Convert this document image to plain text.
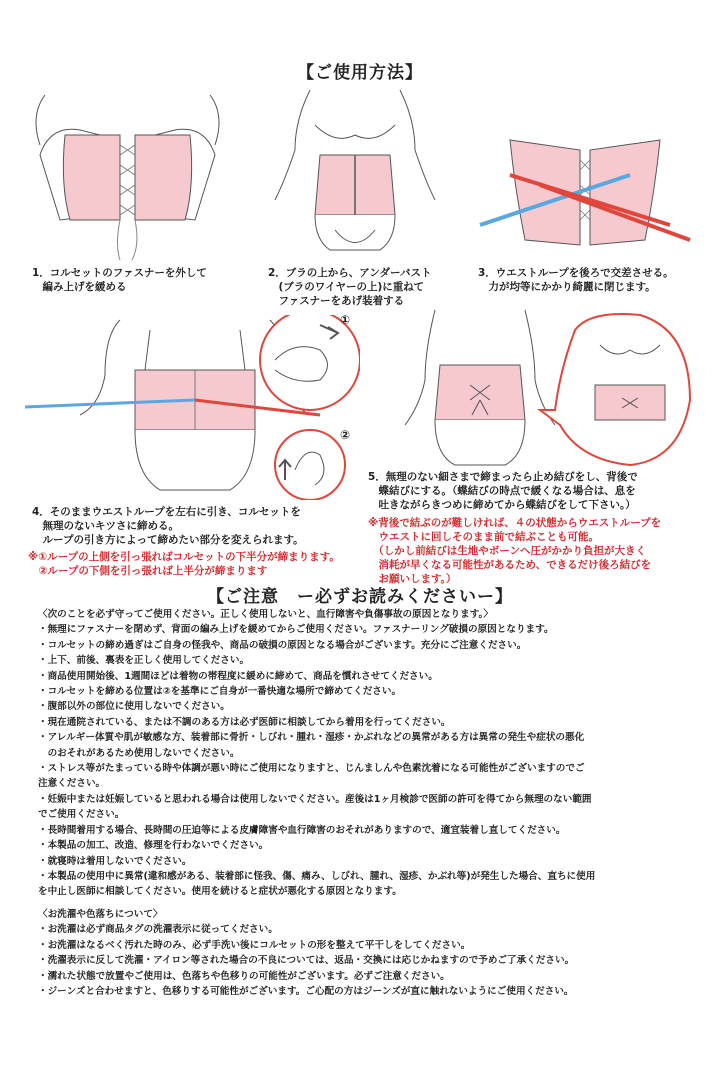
【ご使用方法】
1．コルセットのファスナーを外して
　編み上げを緩める
2．ブラの上から、アンダーバスト
　(ブラのワイヤーの上)に重ねて
　ファスナーをあげ装着する
3．ウエストループを後ろで交差させる。
　力が均等にかかり綺麗に閉じます。
①
②
4．そのままウエストループを左右に引き、コルセットを
　無理のないキツさに締める。
　ループの引き方によって締めたい部分を変えられます。
※①ループの上側を引っ張ればコルセットの下半分が締まります。
　②ループの下側を引っ張れば上半分が締まります
5．無理のない細さまで締まったら止め結びをし、背後で
　蝶結びにする。（蝶結びの時点で緩くなる場合は、息を
　吐きながらきつめに締めてから蝶結びをして下さい。）
※背後で結ぶのが難しければ、４の状態からウエストループを
　ウエストに回しそのまま前で結ぶことも可能。
　（しかし前結びは生地やボーンへ圧がかかり負担が大きく
　消耗が早くなる可能性があるため、できるだけ後ろ結びを
　お願いします。）
【ご注意　ー必ずお読みくださいー】

〈次のことを必ず守ってご使用ください。正しく使用しないと、血行障害や負傷事故の原因となります。〉

・無理にファスナーを閉めず、背面の編み上げを緩めてからご使用ください。ファスナーリング破損の原因となります。

・コルセットの締め過ぎはご自身の怪我や、商品の破損の原因となる場合がございます。充分にご注意ください。

・上下、前後、裏表を正しく使用してください。

・商品使用開始後、1週間ほどは着物の帯程度に緩めに締めて、商品を慣れさせてください。

・コルセットを締める位置は②を基準にご自身が一番快適な場所で締めてください。

・腹部以外の部位に使用しないでください。

・現在通院されている、または不調のある方は必ず医師に相談してから着用を行ってください。

・アレルギー体質や肌が敏感な方、装着部に骨折・しびれ・腫れ・湿疹・かぶれなどの異常がある方は異常の発生や症状の悪化

　のおそれがあるため使用しないでください。

・ストレス等がたまっている時や体調が悪い時にご使用になりますと、じんましんや色素沈着になる可能性がございますのでご

注意ください。

・妊娠中または妊娠していると思われる場合は使用しないでください。産後は1ヶ月検診で医師の許可を得てから無理のない範囲

でご使用ください。

・長時間着用する場合、長時間の圧迫等による皮膚障害や血行障害のおそれがありますので、適宜装着し直してください。

・本製品の加工、改造、修理を行わないでください。

・就寝時は着用しないでください。

・本製品の使用中に異常(違和感がある、装着部に怪我、傷、痛み、しびれ、腫れ、湿疹、かぶれ等)が発生した場合、直ちに使用

を中止し医師に相談してください。使用を続けると症状が悪化する原因となります。

〈お洗濯や色落ちについて〉

・お洗濯は必ず商品タグの洗濯表示に従ってください。

・お洗濯はなるべく汚れた時のみ、必ず手洗い後にコルセットの形を整えて平干しをしてください。

・洗濯表示に反して洗濯・アイロン等された場合の不良については、返品・交換には応じかねますので予めご了承ください。

・濡れた状態で放置やご使用は、色落ちや色移りの可能性がございます。必ずご注意ください。

・ジーンズと合わせますと、色移りする可能性がございます。ご心配の方はジーンズが直に触れないようにご使用ください。
